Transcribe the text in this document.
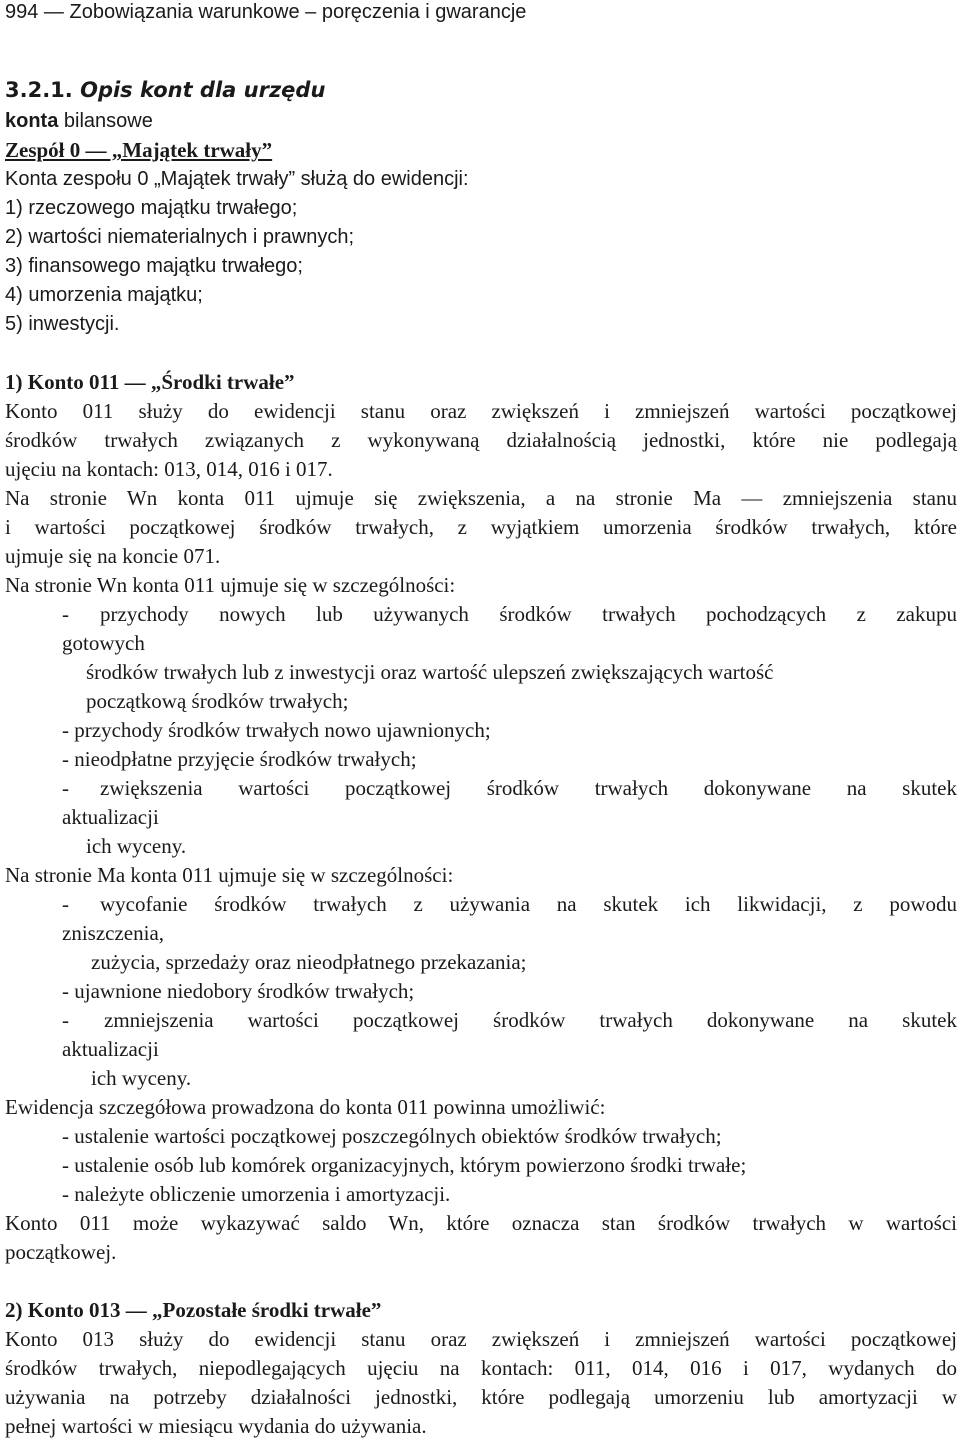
994 — Zobowiązania warunkowe – poręczenia i gwarancje
3.2.1. Opis kont dla urzędu
konta bilansowe
Zespół 0 — „Majątek trwały”
Konta zespołu 0 „Majątek trwały” służą do ewidencji:
1) rzeczowego majątku trwałego;
2) wartości niematerialnych i prawnych;
3) finansowego majątku trwałego;
4) umorzenia majątku;
5) inwestycji.
1) Konto 011 — „Środki trwałe”
Konto 011 służy do ewidencji stanu oraz zwiększeń i zmniejszeń wartości początkowej
środków trwałych związanych z wykonywaną działalnością jednostki, które nie podlegają
ujęciu na kontach: 013, 014, 016 i 017.
Na stronie Wn konta 011 ujmuje się zwiększenia, a na stronie Ma — zmniejszenia stanu
i wartości początkowej środków trwałych, z wyjątkiem umorzenia środków trwałych, które
ujmuje się na koncie 071.
Na stronie Wn konta 011 ujmuje się w szczególności:
-	przychody nowych lub używanych środków trwałych pochodzących z zakupu
gotowych
środków trwałych lub z inwestycji oraz wartość ulepszeń zwiększających wartość
początkową środków trwałych;
- przychody środków trwałych nowo ujawnionych;
- nieodpłatne przyjęcie środków trwałych;
-	zwiększenia wartości początkowej środków trwałych dokonywane na skutek
aktualizacji
ich wyceny.
Na stronie Ma konta 011 ujmuje się w szczególności:
-	wycofanie środków trwałych z używania na skutek ich likwidacji, z powodu
zniszczenia,
zużycia, sprzedaży oraz nieodpłatnego przekazania;
- ujawnione niedobory środków trwałych;
-	zmniejszenia wartości początkowej środków trwałych dokonywane na skutek
aktualizacji
ich wyceny.
Ewidencja szczegółowa prowadzona do konta 011 powinna umożliwić:
- ustalenie wartości początkowej poszczególnych obiektów środków trwałych;
- ustalenie osób lub komórek organizacyjnych, którym powierzono środki trwałe;
- należyte obliczenie umorzenia i amortyzacji.
Konto 011 może wykazywać saldo Wn, które oznacza stan środków trwałych w wartości
początkowej.
2) Konto 013 — „Pozostałe środki trwałe”
Konto 013 służy do ewidencji stanu oraz zwiększeń i zmniejszeń wartości początkowej
środków trwałych, niepodlegających ujęciu na kontach: 011, 014, 016 i 017, wydanych do
używania na potrzeby działalności jednostki, które podlegają umorzeniu lub amortyzacji w
pełnej wartości w miesiącu wydania do używania.
